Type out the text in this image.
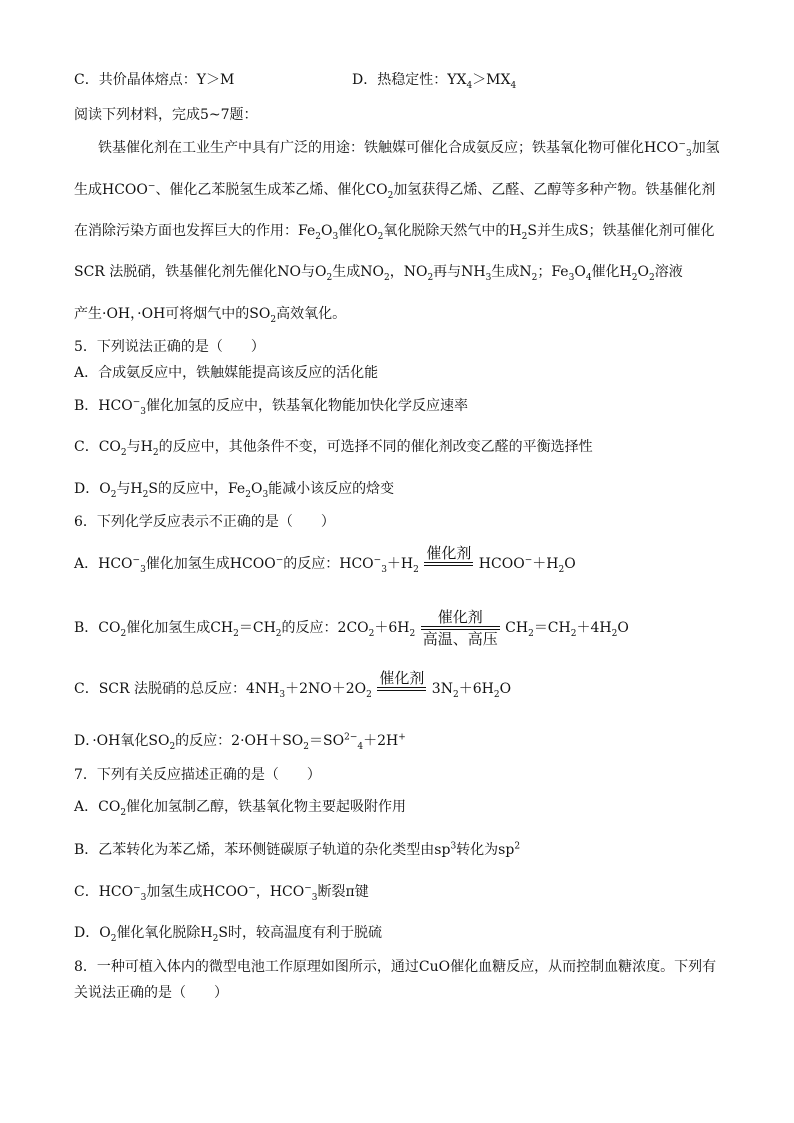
C．共价晶体熔点：Y＞M	D．热稳定性：$YX_4>MX_4$
阅读下列材料，完成5~7题：
铁基催化剂在工业生产中具有广泛的用途：铁触媒可催化合成氨反应；铁基氧化物可催化$HCO^-_3$加氢
生成HCOO−、催化乙苯脱氢生成苯乙烯、催化$CO_2$加氢获得乙烯、乙醛、乙醇等多种产物。铁基催化剂
在消除污染方面也发挥巨大的作用：$Fe_2O_3$催化$O_2$氧化脱除天然气中的$H_2S$并生成S；铁基催化剂可催化
SCR 法脱硝，铁基催化剂先催化NO与$O_2$生成$NO_2$，$NO_2$再与$NH_3$生成$N_2$；$Fe_3O_4$催化$H_2O_2$溶液
产生·OH，·OH可将烟气中的$SO_2$高效氧化。
5．下列说法正确的是（　　）
A．合成氨反应中，铁触媒能提高该反应的活化能
B．$HCO^-_3$催化加氢的反应中，铁基氧化物能加快化学反应速率
C．$CO_2$与$H_2$的反应中，其他条件不变，可选择不同的催化剂改变乙醛的平衡选择性
D．$O_2$与$H_2S$的反应中，$Fe_2O_3$能减小该反应的焓变
6．下列化学反应表示不正确的是（　　）
A．$HCO^-_3$催化加氢生成HCOO−的反应：$HCO^-_3+H_2$
催化剂
$HCOO^-+H_2O$
B．$CO_2$催化加氢生成$CH_2=CH_2$的反应：$2CO_2+6H_2 \frac{\text{催化剂}}{\text{高温、高压}} CH_2=CH_2+4H_2O$
C．SCR 法脱硝的总反应：$4NH_3+2NO+2O_2$
催化剂
$3N_2+6H_2O$
D．·OH氧化$SO_2$的反应：$2\cdot OH+SO_2=SO^{2-}_4+2H^+$
7．下列有关反应描述正确的是（　　）
A．$CO_2$催化加氢制乙醇，铁基氧化物主要起吸附作用
B．乙苯转化为苯乙烯，苯环侧链碳原子轨道的杂化类型由$sp^3$转化为$sp^2$
C．$HCO^-_3$加氢生成HCOO−，$HCO^-_3$断裂π键
D．$O_2$催化氧化脱除$H_2S$时，较高温度有利于脱硫
8．一种可植入体内的微型电池工作原理如图所示，通过CuO催化血糖反应，从而控制血糖浓度。下列有
关说法正确的是（　　）
